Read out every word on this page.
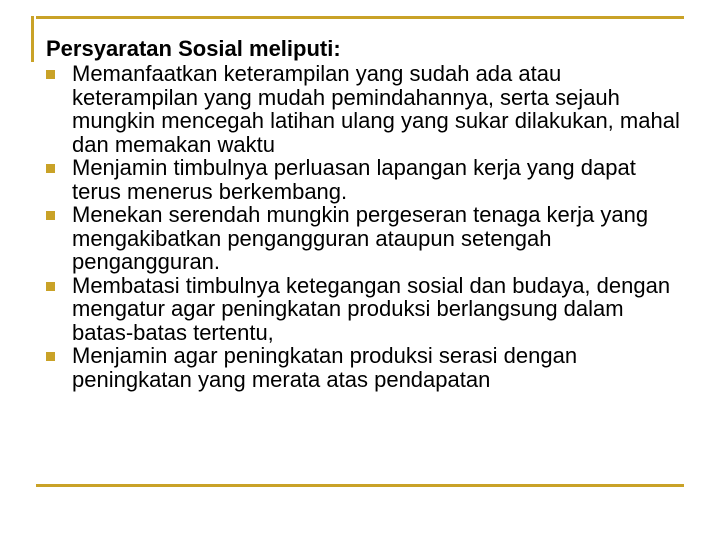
Persyaratan Sosial meliputi:

Memanfaatkan keterampilan yang sudah ada atau keterampilan yang mudah pemindahannya, serta sejauh mungkin mencegah latihan ulang yang sukar dilakukan, mahal dan memakan waktu
Menjamin timbulnya perluasan lapangan kerja yang dapat terus menerus berkembang.
Menekan serendah mungkin pergeseran tenaga kerja yang mengakibatkan pengangguran ataupun setengah pengangguran.
Membatasi timbulnya ketegangan sosial dan budaya, dengan mengatur agar peningkatan produksi berlangsung dalam batas-batas tertentu,
Menjamin agar peningkatan produksi serasi dengan peningkatan yang merata atas pendapatan
